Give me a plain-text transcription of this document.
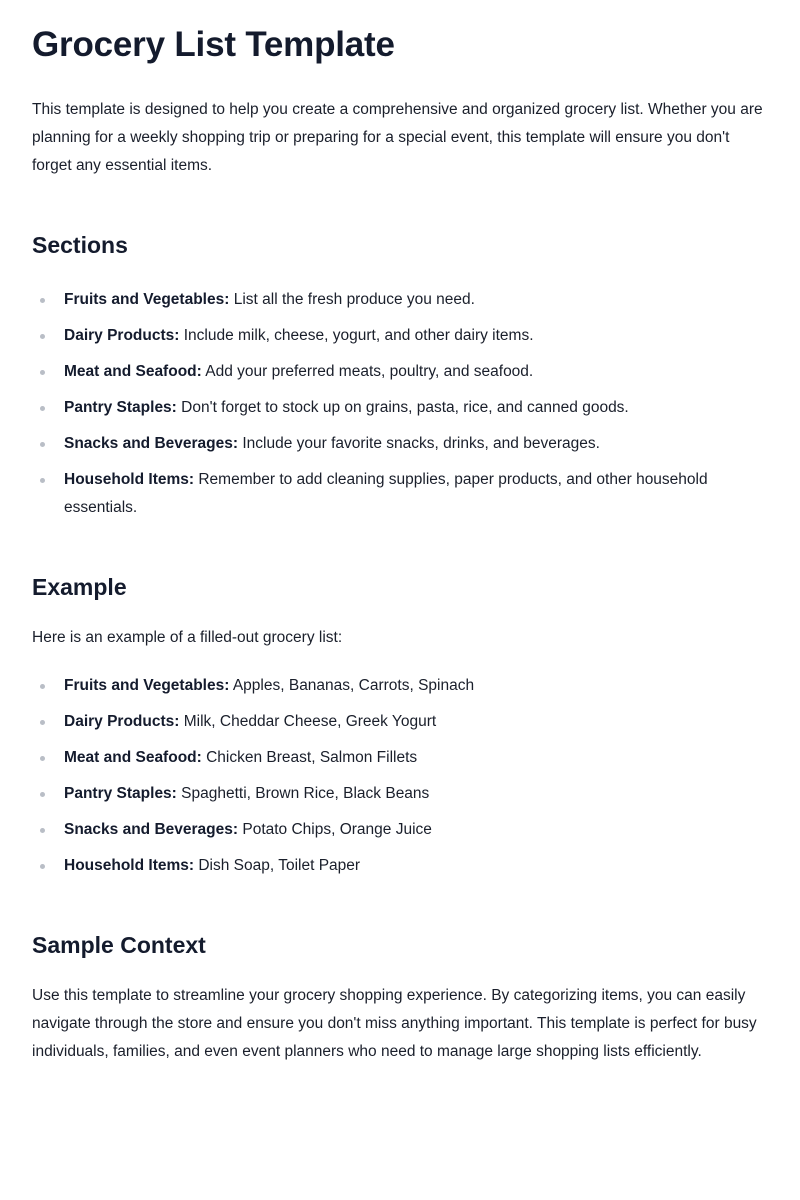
Grocery List Template

This template is designed to help you create a comprehensive and organized grocery list. Whether you are planning for a weekly shopping trip or preparing for a special event, this template will ensure you don't forget any essential items.

Sections
Fruits and Vegetables: List all the fresh produce you need.
Dairy Products: Include milk, cheese, yogurt, and other dairy items.
Meat and Seafood: Add your preferred meats, poultry, and seafood.
Pantry Staples: Don't forget to stock up on grains, pasta, rice, and canned goods.
Snacks and Beverages: Include your favorite snacks, drinks, and beverages.
Household Items: Remember to add cleaning supplies, paper products, and other household essentials.
Example

Here is an example of a filled-out grocery list:

Fruits and Vegetables: Apples, Bananas, Carrots, Spinach
Dairy Products: Milk, Cheddar Cheese, Greek Yogurt
Meat and Seafood: Chicken Breast, Salmon Fillets
Pantry Staples: Spaghetti, Brown Rice, Black Beans
Snacks and Beverages: Potato Chips, Orange Juice
Household Items: Dish Soap, Toilet Paper
Sample Context

Use this template to streamline your grocery shopping experience. By categorizing items, you can easily navigate through the store and ensure you don't miss anything important. This template is perfect for busy individuals, families, and even event planners who need to manage large shopping lists efficiently.
